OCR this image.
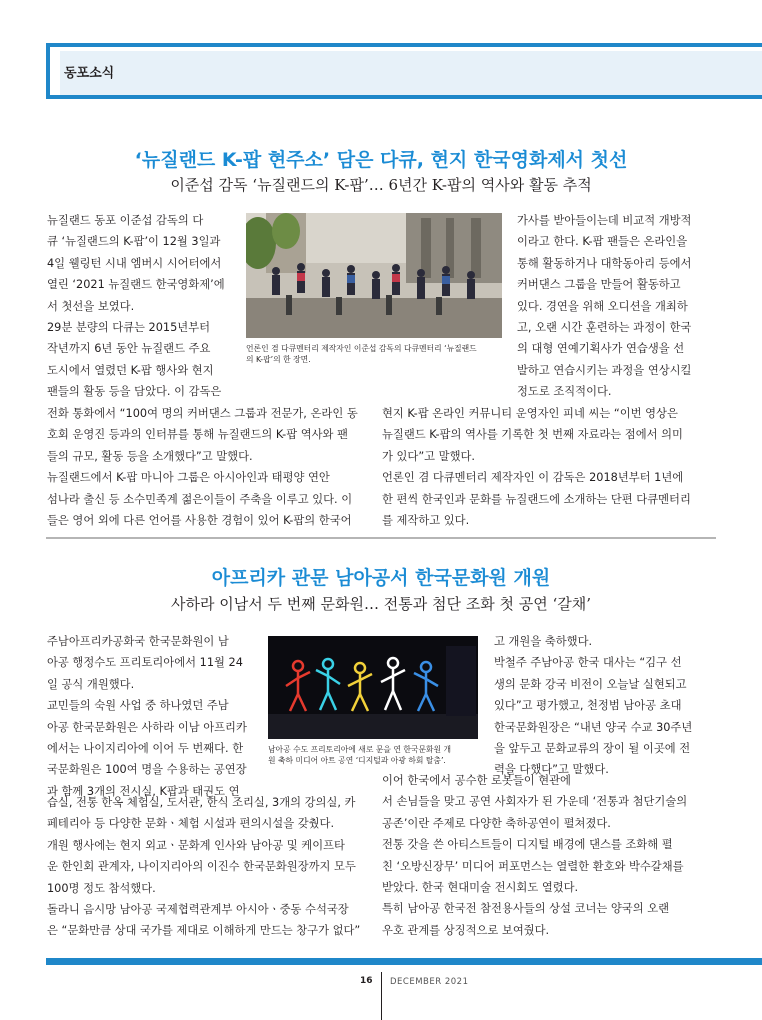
동포소식
‘뉴질랜드 K-팝 현주소’ 담은 다큐, 현지 한국영화제서 첫선
이준섭 감독 ‘뉴질랜드의 K-팝’… 6년간 K-팝의 역사와 활동 추적
뉴질랜드 동포 이준섭 감독의 다
큐 ‘뉴질랜드의 K-팝’이 12월 3일과
4일 웰링턴 시내 엠버시 시어터에서
열린 ‘2021 뉴질랜드 한국영화제’에
서 첫선을 보였다.
29분 분량의 다큐는 2015년부터
작년까지 6년 동안 뉴질랜드 주요
도시에서 열렸던 K-팝 행사와 현지
팬들의 활동 등을 담았다. 이 감독은
언론인 겸 다큐멘터리 제작자인 이준섭 감독의 다큐멘터리 ‘뉴질랜드
의 K-팝’의 한 장면.
가사를 받아들이는데 비교적 개방적
이라고 한다. K-팝 팬들은 온라인을
통해 활동하거나 대학동아리 등에서
커버댄스 그룹을 만들어 활동하고
있다. 경연을 위해 오디션을 개최하
고, 오랜 시간 훈련하는 과정이 한국
의 대형 연예기획사가 연습생을 선
발하고 연습시키는 과정을 연상시킬
정도로 조직적이다.
전화 통화에서 “100여 명의 커버댄스 그룹과 전문가, 온라인 동
호회 운영진 등과의 인터뷰를 통해 뉴질랜드의 K-팝 역사와 팬
들의 규모, 활동 등을 소개했다”고 말했다.
뉴질랜드에서 K-팝 마니아 그룹은 아시아인과 태평양 연안
섬나라 출신 등 소수민족계 젊은이들이 주축을 이루고 있다. 이
들은 영어 외에 다른 언어를 사용한 경험이 있어 K-팝의 한국어
현지 K-팝 온라인 커뮤니티 운영자인 피네 씨는 “이번 영상은
뉴질랜드 K-팝의 역사를 기록한 첫 번째 자료라는 점에서 의미
가 있다”고 말했다.
언론인 겸 다큐멘터리 제작자인 이 감독은 2018년부터 1년에
한 편씩 한국인과 문화를 뉴질랜드에 소개하는 단편 다큐멘터리
를 제작하고 있다.
아프리카 관문 남아공서 한국문화원 개원
사하라 이남서 두 번째 문화원… 전통과 첨단 조화 첫 공연 ‘갈채’
주남아프리카공화국 한국문화원이 남
아공 행정수도 프리토리아에서 11월 24
일 공식 개원했다.
교민들의 숙원 사업 중 하나였던 주남
아공 한국문화원은 사하라 이남 아프리카
에서는 나이지리아에 이어 두 번째다. 한
국문화원은 100여 명을 수용하는 공연장
과 함께 3개의 전시실, K팝과 태권도 연
남아공 수도 프리토리아에 새로 문을 연 한국문화원 개
원 축하 미디어 아트 공연 ‘디지털과 아광 하회 탈춤’.
고 개원을 축하했다.
박철주 주남아공 한국 대사는 “김구 선
생의 문화 강국 비전이 오늘날 실현되고
있다”고 평가했고, 천정범 남아공 초대
한국문화원장은 “내년 양국 수교 30주년
을 앞두고 문화교류의 장이 될 이곳에 전
력을 다했다”고 말했다.
습실, 전통 한옥 체험실, 도서관, 한식 조리실, 3개의 강의실, 카
페테리아 등 다양한 문화ㆍ체험 시설과 편의시설을 갖췄다.
개원 행사에는 현지 외교ㆍ문화계 인사와 남아공 및 케이프타
운 한인회 관계자, 나이지리아의 이진수 한국문화원장까지 모두
100명 정도 참석했다.
돌라니 음시망 남아공 국제협력관계부 아시아ㆍ중동 수석국장
은 “문화만큼 상대 국가를 제대로 이해하게 만드는 창구가 없다”
이어 한국에서 공수한 로봇들이 현관에
서 손님들을 맞고 공연 사회자가 된 가운데 ‘전통과 첨단기술의
공존’이란 주제로 다양한 축하공연이 펼쳐졌다.
전통 갓을 쓴 아티스트들이 디지털 배경에 댄스를 조화해 펼
친 ‘오방신장무’ 미디어 퍼포먼스는 열렬한 환호와 박수갈채를
받았다. 한국 현대미술 전시회도 열렸다.
특히 남아공 한국전 참전용사들의 상설 코너는 양국의 오랜
우호 관계를 상징적으로 보여줬다.
16 DECEMBER 2021
